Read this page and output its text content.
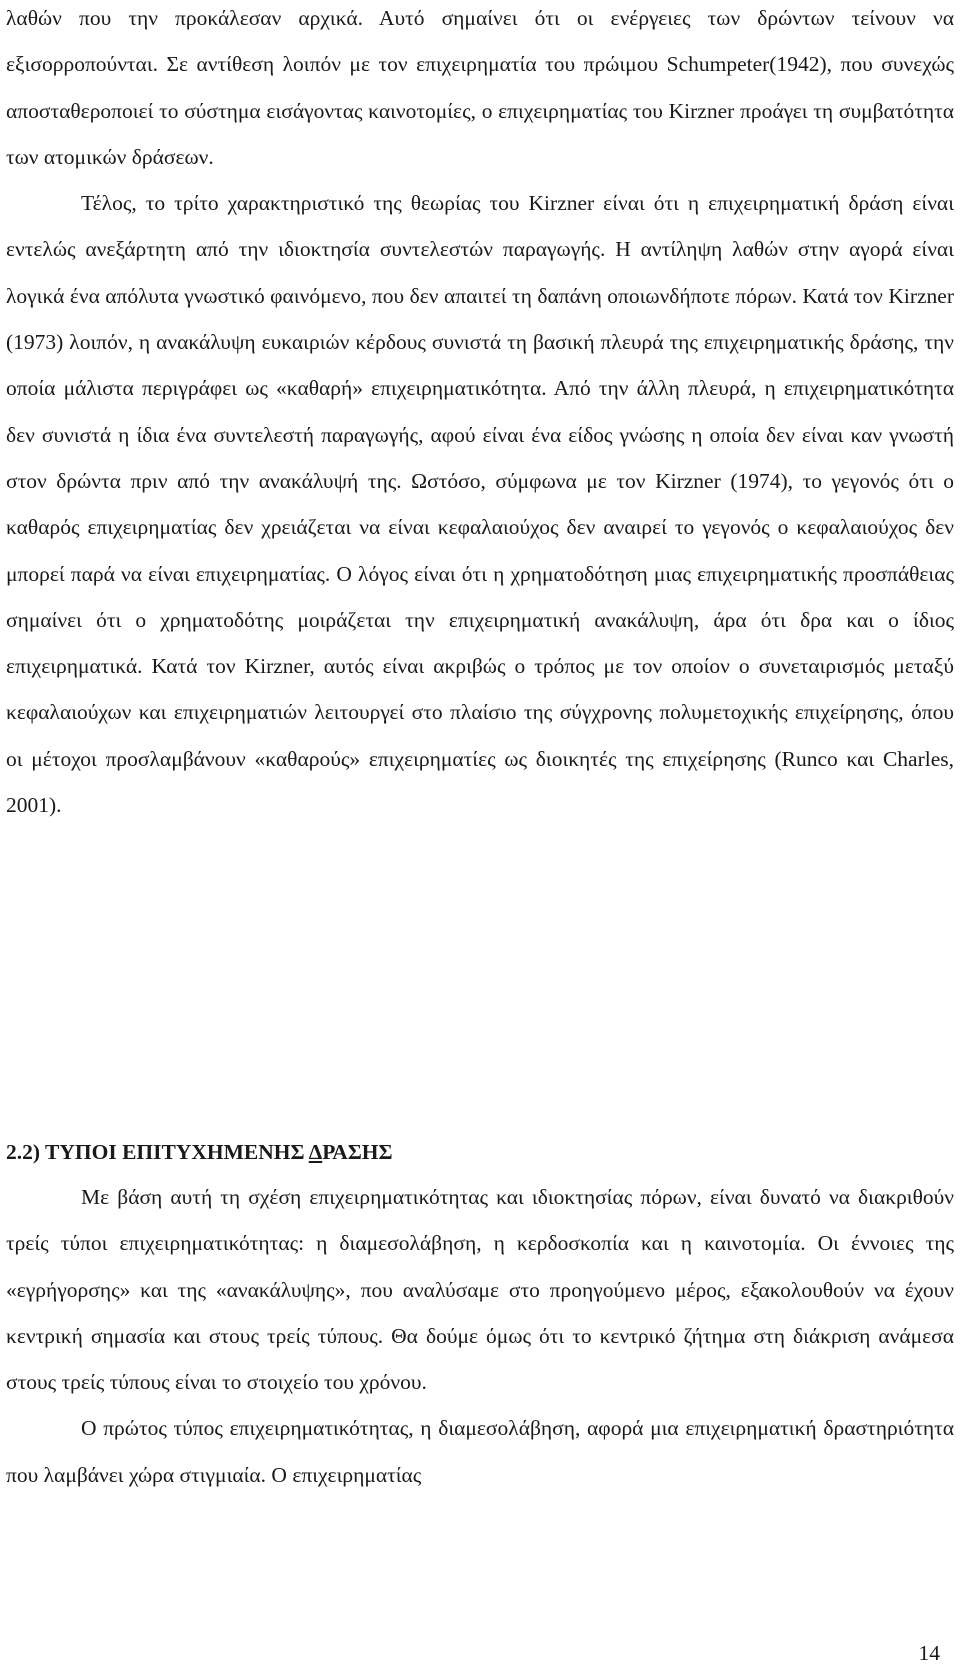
λαθών που την προκάλεσαν αρχικά. Αυτό σημαίνει ότι οι ενέργειες των δρώντων τείνουν να εξισορροπούνται. Σε αντίθεση λοιπόν με τον επιχειρηματία του πρώιμου Schumpeter(1942), που συνεχώς αποσταθεροποιεί το σύστημα εισάγοντας καινοτομίες, ο επιχειρηματίας του Kirzner προάγει τη συμβατότητα των ατομικών δράσεων.

Τέλος, το τρίτο χαρακτηριστικό της θεωρίας του Kirzner είναι ότι η επιχειρηματική δράση είναι εντελώς ανεξάρτητη από την ιδιοκτησία συντελεστών παραγωγής. Η αντίληψη λαθών στην αγορά είναι λογικά ένα απόλυτα γνωστικό φαινόμενο, που δεν απαιτεί τη δαπάνη οποιωνδήποτε πόρων. Κατά τον Kirzner (1973) λοιπόν, η ανακάλυψη ευκαιριών κέρδους συνιστά τη βασική πλευρά της επιχειρηματικής δράσης, την οποία μάλιστα περιγράφει ως «καθαρή» επιχειρηματικότητα. Από την άλλη πλευρά, η επιχειρηματικότητα δεν συνιστά η ίδια ένα συντελεστή παραγωγής, αφού είναι ένα είδος γνώσης η οποία δεν είναι καν γνωστή στον δρώντα πριν από την ανακάλυψή της. Ωστόσο, σύμφωνα με τον Kirzner (1974), το γεγονός ότι ο καθαρός επιχειρηματίας δεν χρειάζεται να είναι κεφαλαιούχος δεν αναιρεί το γεγονός ο κεφαλαιούχος δεν μπορεί παρά να είναι επιχειρηματίας. Ο λόγος είναι ότι η χρηματοδότηση μιας επιχειρηματικής προσπάθειας σημαίνει ότι ο χρηματοδότης μοιράζεται την επιχειρηματική ανακάλυψη, άρα ότι δρα και ο ίδιος επιχειρηματικά. Κατά τον Kirzner, αυτός είναι ακριβώς ο τρόπος με τον οποίον ο συνεταιρισμός μεταξύ κεφαλαιούχων και επιχειρηματιών λειτουργεί στο πλαίσιο της σύγχρονης πολυμετοχικής επιχείρησης, όπου οι μέτοχοι προσλαμβάνουν «καθαρούς» επιχειρηματίες ως διοικητές της επιχείρησης (Runco και Charles, 2001).

2.2) ΤΥΠΟΙ ΕΠΙΤΥΧΗΜΕΝΗΣ ΔΡΑΣΗΣ

Με βάση αυτή τη σχέση επιχειρηματικότητας και ιδιοκτησίας πόρων, είναι δυνατό να διακριθούν τρείς τύποι επιχειρηματικότητας: η διαμεσολάβηση, η κερδοσκοπία και η καινοτομία. Οι έννοιες της «εγρήγορσης» και της «ανακάλυψης», που αναλύσαμε στο προηγούμενο μέρος, εξακολουθούν να έχουν κεντρική σημασία και στους τρείς τύπους. Θα δούμε όμως ότι το κεντρικό ζήτημα στη διάκριση ανάμεσα στους τρείς τύπους είναι το στοιχείο του χρόνου.

Ο πρώτος τύπος επιχειρηματικότητας, η διαμεσολάβηση, αφορά μια επιχειρηματική δραστηριότητα που λαμβάνει χώρα στιγμιαία. Ο επιχειρηματίας

14
